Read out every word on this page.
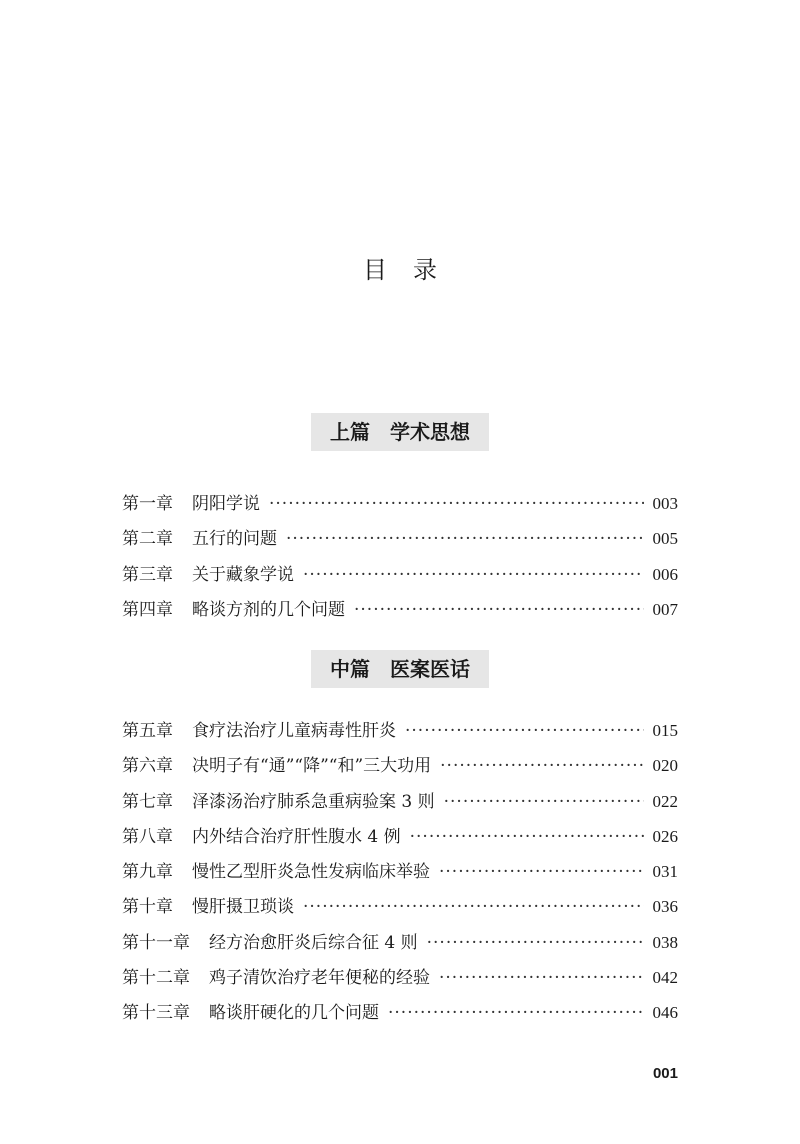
目录
上篇　学术思想
第一章 阴阳学说 ·····	003
第二章 五行的问题 ·····	005
第三章 关于藏象学说 ·····	006
第四章 略谈方剂的几个问题 ·····	007
中篇　医案医话
第五章 食疗法治疗儿童病毒性肝炎 ·····	015
第六章 决明子有“通”“降”“和”三大功用 ·····	020
第七章 泽漆汤治疗肺系急重病验案 3 则 ·····	022
第八章 内外结合治疗肝性腹水 4 例 ·····	026
第九章 慢性乙型肝炎急性发病临床举验 ·····	031
第十章 慢肝摄卫琐谈 ·····	036
第十一章 经方治愈肝炎后综合征 4 则 ·····	038
第十二章 鸡子清饮治疗老年便秘的经验 ·····	042
第十三章 略谈肝硬化的几个问题 ·····	046
001
